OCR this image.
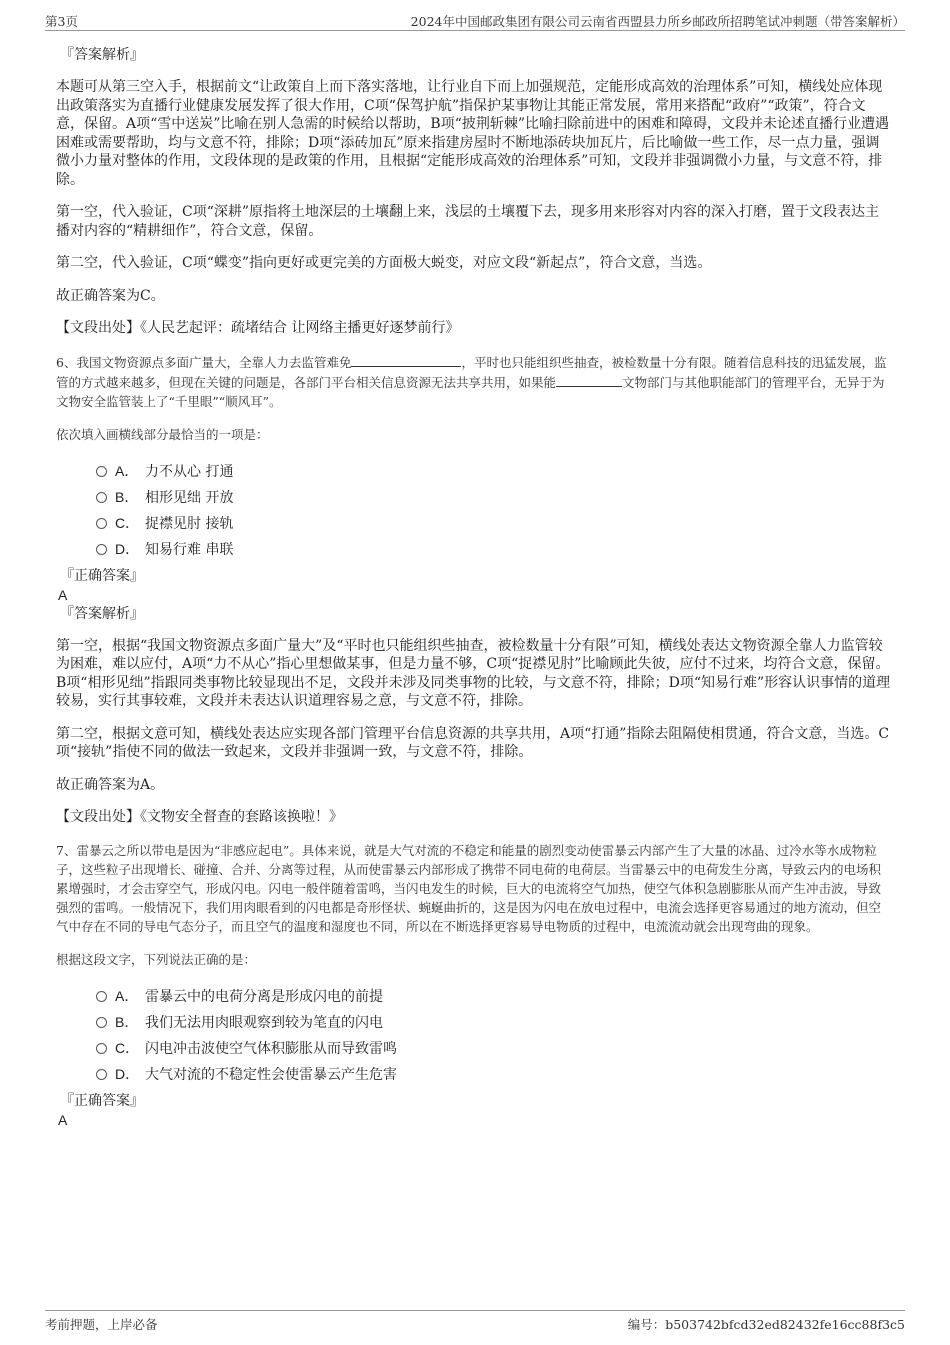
第3页	2024年中国邮政集团有限公司云南省西盟县力所乡邮政所招聘笔试冲刺题（带答案解析）
『答案解析』

本题可从第三空入手，根据前文“让政策自上而下落实落地，让行业自下而上加强规范，定能形成高效的治理体系”可知，横线处应体现出政策落实为直播行业健康发展发挥了很大作用，C项“保驾护航”指保护某事物让其能正常发展，常用来搭配“政府”“政策”，符合文意，保留。A项“雪中送炭”比喻在别人急需的时候给以帮助，B项“披荆斩棘”比喻扫除前进中的困难和障碍，文段并未论述直播行业遭遇困难或需要帮助，均与文意不符，排除；D项“添砖加瓦”原来指建房屋时不断地添砖块加瓦片，后比喻做一些工作，尽一点力量，强调微小力量对整体的作用，文段体现的是政策的作用，且根据“定能形成高效的治理体系”可知，文段并非强调微小力量，与文意不符，排除。

第一空，代入验证，C项“深耕”原指将土地深层的土壤翻上来，浅层的土壤覆下去，现多用来形容对内容的深入打磨，置于文段表达主播对内容的“精耕细作”，符合文意，保留。

第二空，代入验证，C项“蝶变”指向更好或更完美的方面极大蜕变，对应文段“新起点”，符合文意，当选。

故正确答案为C。

【文段出处】《人民艺起评：疏堵结合 让网络主播更好逐梦前行》

6、我国文物资源点多面广量大，全靠人力去监管难免	，平时也只能组织些抽查，被检数量十分有限。随着信息科技的迅猛发展，监管的方式越来越多，但现在关键的问题是，各部门平台相关信息资源无法共享共用，如果能	文物部门与其他职能部门的管理平台，无异于为文物安全监管装上了“千里眼”“顺风耳”。

依次填入画横线部分最恰当的一项是：

A． 力不从心 打通
B． 相形见绌 开放
C． 捉襟见肘 接轨
D． 知易行难 串联
『正确答案』
A
『答案解析』

第一空，根据“我国文物资源点多面广量大”及“平时也只能组织些抽查，被检数量十分有限”可知，横线处表达文物资源全靠人力监管较为困难，难以应付，A项“力不从心”指心里想做某事，但是力量不够，C项“捉襟见肘”比喻顾此失彼，应付不过来，均符合文意，保留。B项“相形见绌”指跟同类事物比较显现出不足，文段并未涉及同类事物的比较，与文意不符，排除；D项“知易行难”形容认识事情的道理较易，实行其事较难，文段并未表达认识道理容易之意，与文意不符，排除。

第二空，根据文意可知，横线处表达应实现各部门管理平台信息资源的共享共用，A项“打通”指除去阻隔使相贯通，符合文意，当选。C项“接轨”指使不同的做法一致起来，文段并非强调一致，与文意不符，排除。

故正确答案为A。

【文段出处】《文物安全督查的套路该换啦！》

7、雷暴云之所以带电是因为“非感应起电”。具体来说，就是大气对流的不稳定和能量的剧烈变动使雷暴云内部产生了大量的冰晶、过冷水等水成物粒子，这些粒子出现增长、碰撞、合并、分离等过程，从而使雷暴云内部形成了携带不同电荷的电荷层。当雷暴云中的电荷发生分离，导致云内的电场积累增强时，才会击穿空气，形成闪电。闪电一般伴随着雷鸣，当闪电发生的时候，巨大的电流将空气加热，使空气体积急剧膨胀从而产生冲击波，导致强烈的雷鸣。一般情况下，我们用肉眼看到的闪电都是奇形怪状、蜿蜒曲折的，这是因为闪电在放电过程中，电流会选择更容易通过的地方流动，但空气中存在不同的导电气态分子，而且空气的温度和湿度也不同，所以在不断选择更容易导电物质的过程中，电流流动就会出现弯曲的现象。

根据这段文字，下列说法正确的是：

A． 雷暴云中的电荷分离是形成闪电的前提
B． 我们无法用肉眼观察到较为笔直的闪电
C． 闪电冲击波使空气体积膨胀从而导致雷鸣
D． 大气对流的不稳定性会使雷暴云产生危害
『正确答案』
A
考前押题，上岸必备	编号：b503742bfcd32ed82432fe16cc88f3c5
